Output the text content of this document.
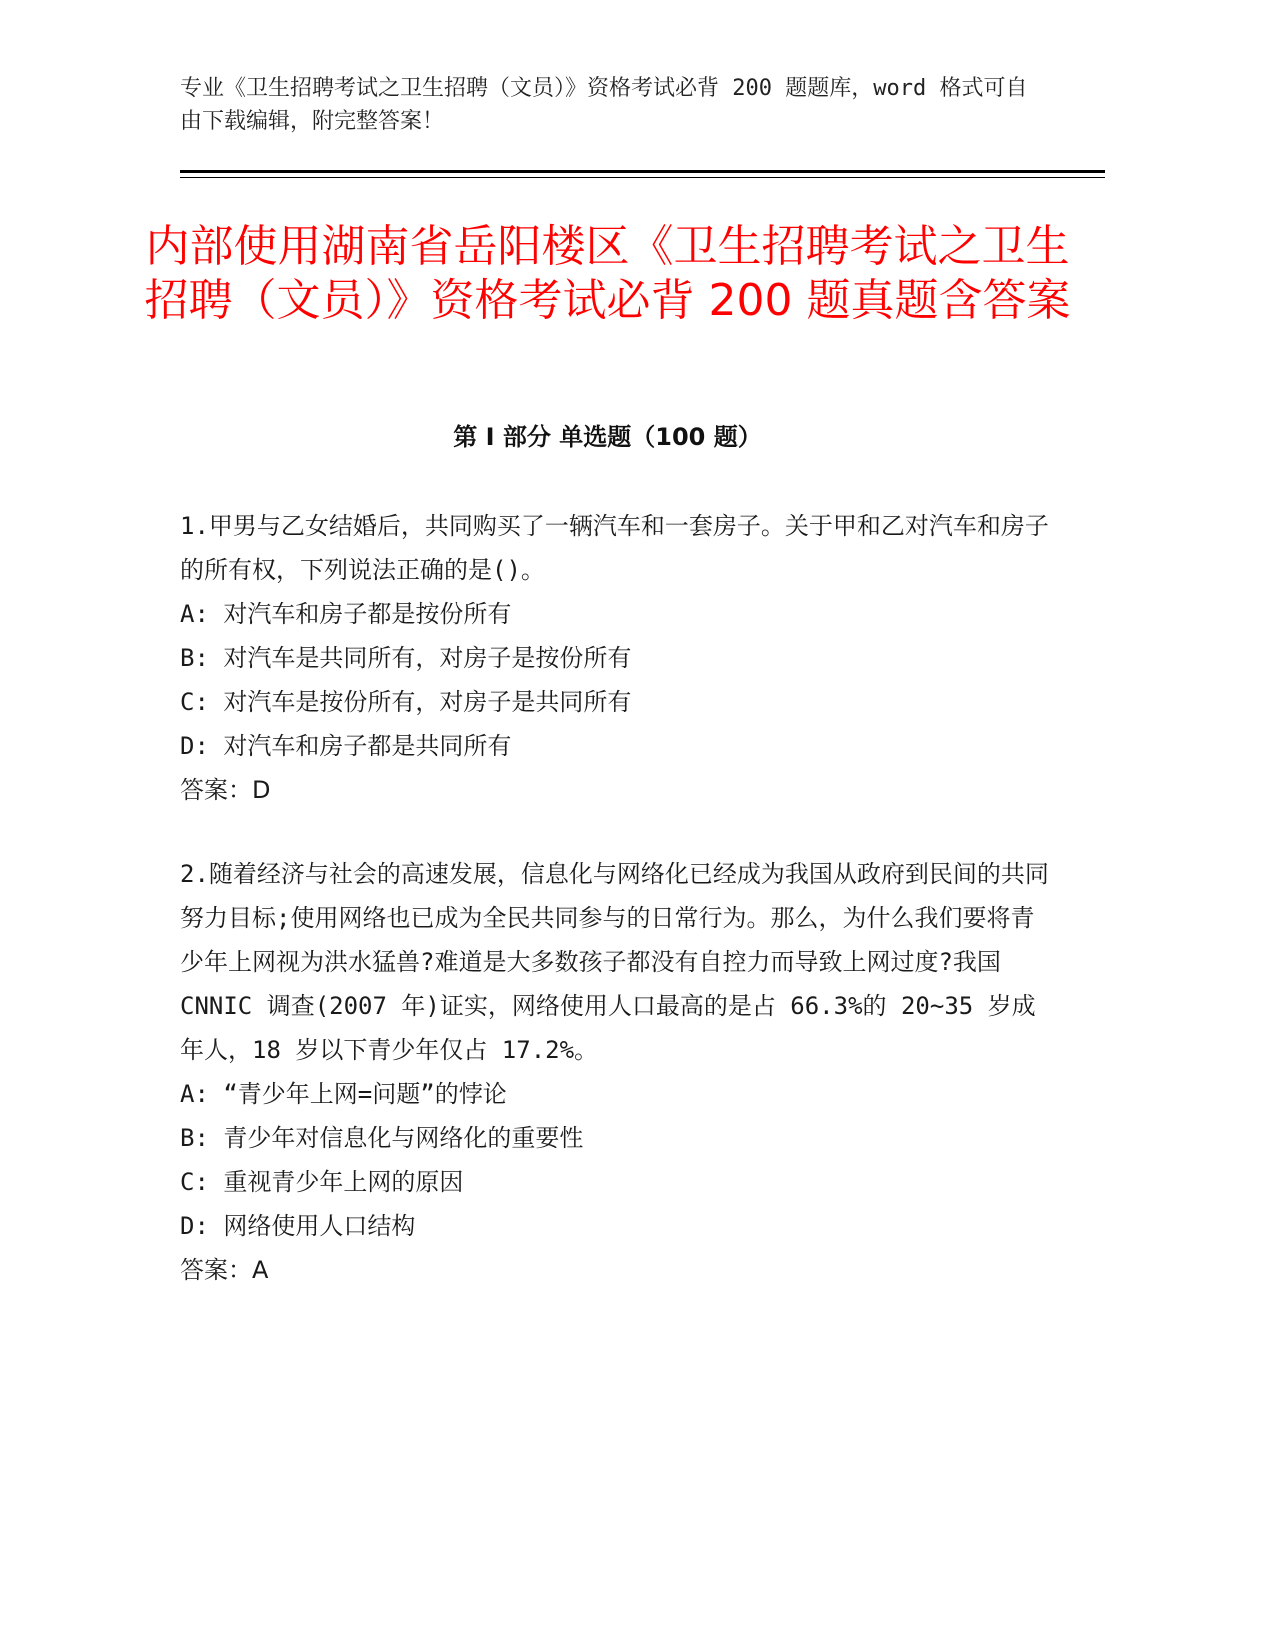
专业《卫生招聘考试之卫生招聘（文员）》资格考试必背 200 题题库，word 格式可自由下载编辑，附完整答案！
内部使用湖南省岳阳楼区《卫生招聘考试之卫生招聘（文员）》资格考试必背 200 题真题含答案
第 I 部分 单选题（100 题）

1.甲男与乙女结婚后，共同购买了一辆汽车和一套房子。关于甲和乙对汽车和房子的所有权，下列说法正确的是()。

A: 对汽车和房子都是按份所有

B: 对汽车是共同所有，对房子是按份所有

C: 对汽车是按份所有，对房子是共同所有

D: 对汽车和房子都是共同所有

答案：D

2.随着经济与社会的高速发展，信息化与网络化已经成为我国从政府到民间的共同努力目标;使用网络也已成为全民共同参与的日常行为。那么，为什么我们要将青少年上网视为洪水猛兽?难道是大多数孩子都没有自控力而导致上网过度?我国 CNNIC 调查(2007 年)证实，网络使用人口最高的是占 66.3%的 20~35 岁成年人，18 岁以下青少年仅占 17.2%。

A: “青少年上网=问题”的悖论

B: 青少年对信息化与网络化的重要性

C: 重视青少年上网的原因

D: 网络使用人口结构

答案：A
